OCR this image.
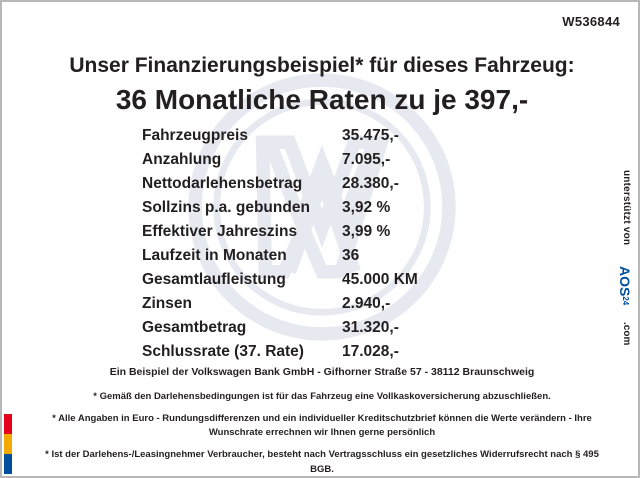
W536844
Unser Finanzierungsbeispiel* für dieses Fahrzeug:
36 Monatliche Raten zu je 397,-
Fahrzeugpreis	35.475,-
Anzahlung	7.095,-
Nettodarlehensbetrag	28.380,-
Sollzins p.a. gebunden	3,92 %
Effektiver Jahreszins	3,99 %
Laufzeit in Monaten	36
Gesamtlaufleistung	45.000 KM
Zinsen	2.940,-
Gesamtbetrag	31.320,-
Schlussrate (37. Rate)	17.028,-
Ein Beispiel der Volkswagen Bank GmbH - Gifhorner Straße 57 - 38112 Braunschweig

* Gemäß den Darlehensbedingungen ist für das Fahrzeug eine Vollkaskoversicherung abzuschließen.

* Alle Angaben in Euro - Rundungsdifferenzen und ein individueller Kreditschutzbrief können die Werte verändern - Ihre Wunschrate errechnen wir Ihnen gerne persönlich

* Ist der Darlehens-/Leasingnehmer Verbraucher, besteht nach Vertragsschluss ein gesetzliches Widerrufsrecht nach § 495 BGB.

unterstützt von
AOS24
.com
